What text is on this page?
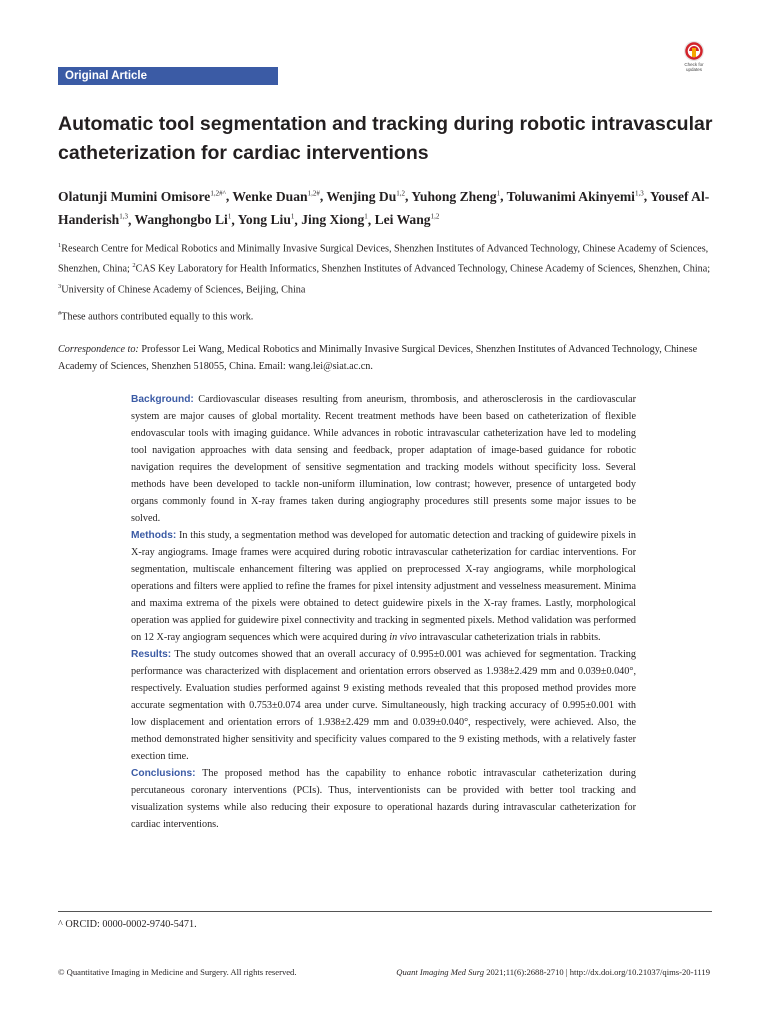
Original Article
Check for updates
Automatic tool segmentation and tracking during robotic intravascular catheterization for cardiac interventions
Olatunji Mumini Omisore$^{1,2\#\^{}}$, Wenke Duan$^{1,2\#}$, Wenjing Du$^{1,2}$, Yuhong Zheng$^1$, Toluwanimi Akinyemi$^{1,3}$, Yousef Al-Handerish$^{1,3}$, Wanghongbo Li$^1$, Yong Liu$^1$, Jing Xiong$^1$, Lei Wang$^{1,2}$
$^1$Research Centre for Medical Robotics and Minimally Invasive Surgical Devices, Shenzhen Institutes of Advanced Technology, Chinese Academy of Sciences, Shenzhen, China; $^2$CAS Key Laboratory for Health Informatics, Shenzhen Institutes of Advanced Technology, Chinese Academy of Sciences, Shenzhen, China; $^3$University of Chinese Academy of Sciences, Beijing, China
#These authors contributed equally to this work.
Correspondence to: Professor Lei Wang, Medical Robotics and Minimally Invasive Surgical Devices, Shenzhen Institutes of Advanced Technology, Chinese Academy of Sciences, Shenzhen 518055, China. Email: wang.lei@siat.ac.cn.

Background: Cardiovascular diseases resulting from aneurism, thrombosis, and atherosclerosis in the cardiovascular system are major causes of global mortality. Recent treatment methods have been based on catheterization of flexible endovascular tools with imaging guidance. While advances in robotic intravascular catheterization have led to modeling tool navigation approaches with data sensing and feedback, proper adaptation of image-based guidance for robotic navigation requires the development of sensitive segmentation and tracking models without specificity loss. Several methods have been developed to tackle non-uniform illumination, low contrast; however, presence of untargeted body organs commonly found in X-ray frames taken during angiography procedures still presents some major issues to be solved.

Methods: In this study, a segmentation method was developed for automatic detection and tracking of guidewire pixels in X-ray angiograms. Image frames were acquired during robotic intravascular catheterization for cardiac interventions. For segmentation, multiscale enhancement filtering was applied on preprocessed X-ray angiograms, while morphological operations and filters were applied to refine the frames for pixel intensity adjustment and vesselness measurement. Minima and maxima extrema of the pixels were obtained to detect guidewire pixels in the X-ray frames. Lastly, morphological operation was applied for guidewire pixel connectivity and tracking in segmented pixels. Method validation was performed on 12 X-ray angiogram sequences which were acquired during in vivo intravascular catheterization trials in rabbits.

Results: The study outcomes showed that an overall accuracy of 0.995±0.001 was achieved for segmentation. Tracking performance was characterized with displacement and orientation errors observed as 1.938±2.429 mm and 0.039±0.040°, respectively. Evaluation studies performed against 9 existing methods revealed that this proposed method provides more accurate segmentation with 0.753±0.074 area under curve. Simultaneously, high tracking accuracy of 0.995±0.001 with low displacement and orientation errors of 1.938±2.429 mm and 0.039±0.040°, respectively, were achieved. Also, the method demonstrated higher sensitivity and specificity values compared to the 9 existing methods, with a relatively faster exection time.

Conclusions: The proposed method has the capability to enhance robotic intravascular catheterization during percutaneous coronary interventions (PCIs). Thus, interventionists can be provided with better tool tracking and visualization systems while also reducing their exposure to operational hazards during intravascular catheterization for cardiac interventions.

^ ORCID: 0000-0002-9740-5471.
© Quantitative Imaging in Medicine and Surgery. All rights reserved.	Quant Imaging Med Surg 2021;11(6):2688-2710 | http://dx.doi.org/10.21037/qims-20-1119
